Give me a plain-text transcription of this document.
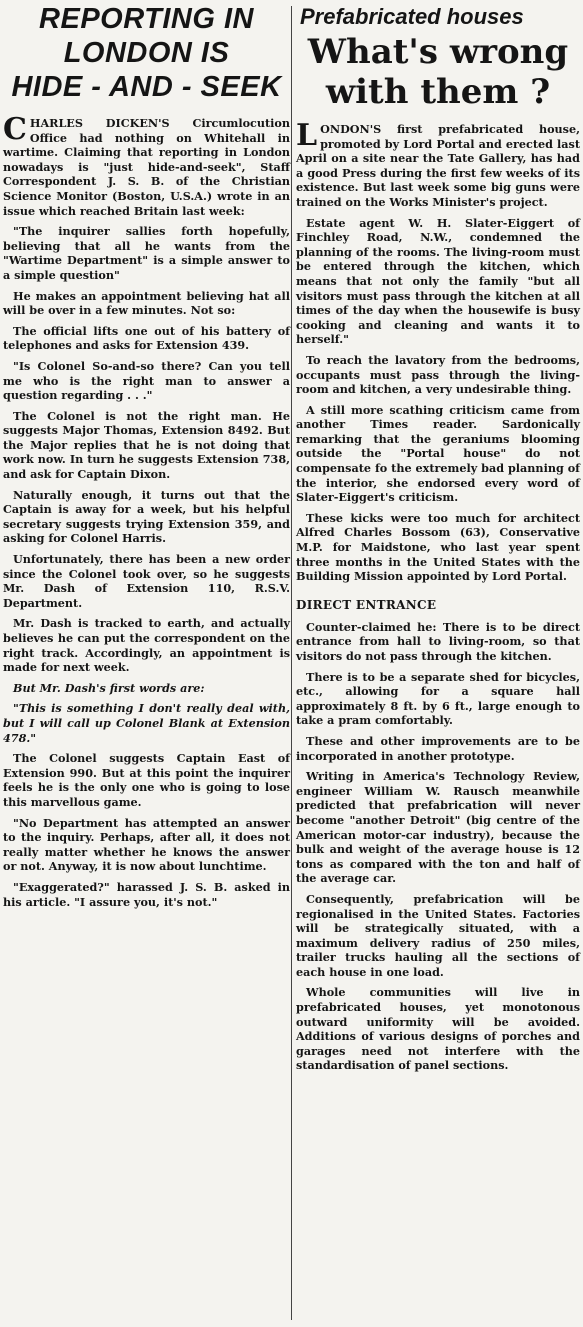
REPORTING IN
LONDON IS
HIDE - AND - SEEK

CHARLES DICKEN'S Circumlocution Office had nothing on Whitehall in wartime. Claiming that reporting in London nowadays is "just hide-and-seek", Staff Correspondent J. S. B. of the Christian Science Monitor (Boston, U.S.A.) wrote in an issue which reached Britain last week:

"The inquirer sallies forth hopefully, believing that all he wants from the "Wartime Department" is a simple answer to a simple question"

He makes an appointment believing hat all will be over in a few minutes. Not so:

The official lifts one out of his battery of telephones and asks for Extension 439.

"Is Colonel So-and-so there? Can you tell me who is the right man to answer a question regarding . . ."

The Colonel is not the right man. He suggests Major Thomas, Extension 8492. But the Major replies that he is not doing that work now. In turn he suggests Extension 738, and ask for Captain Dixon.

Naturally enough, it turns out that the Captain is away for a week, but his helpful secretary suggests trying Extension 359, and asking for Colonel Harris.

Unfortunately, there has been a new order since the Colonel took over, so he suggests Mr. Dash of Extension 110, R.S.V. Department.

Mr. Dash is tracked to earth, and actually believes he can put the correspondent on the right track. Accordingly, an appointment is made for next week.

But Mr. Dash's first words are:

"This is something I don't really deal with, but I will call up Colonel Blank at Extension 478."

The Colonel suggests Captain East of Extension 990. But at this point the inquirer feels he is the only one who is going to lose this marvellous game.

"No Department has attempted an answer to the inquiry. Perhaps, after all, it does not really matter whether he knows the answer or not. Anyway, it is now about lunchtime.

"Exaggerated?" harassed J. S. B. asked in his article. "I assure you, it's not."

Prefabricated houses
What's wrong
with them ?

LONDON'S first prefabricated house, promoted by Lord Portal and erected last April on a site near the Tate Gallery, has had a good Press during the first few weeks of its existence. But last week some big guns were trained on the Works Minister's project.

Estate agent W. H. Slater-Eiggert of Finchley Road, N.W., condemned the planning of the rooms. The living-room must be entered through the kitchen, which means that not only the family "but all visitors must pass through the kitchen at all times of the day when the housewife is busy cooking and cleaning and wants it to herself."

To reach the lavatory from the bedrooms, occupants must pass through the living-room and kitchen, a very undesirable thing.

A still more scathing criticism came from another Times reader. Sardonically remarking that the geraniums blooming outside the "Portal house" do not compensate fo the extremely bad planning of the interior, she endorsed every word of Slater-Eiggert's criticism.

These kicks were too much for architect Alfred Charles Bossom (63), Conservative M.P. for Maidstone, who last year spent three months in the United States with the Building Mission appointed by Lord Portal.

DIRECT ENTRANCE

Counter-claimed he: There is to be direct entrance from hall to living-room, so that visitors do not pass through the kitchen.

There is to be a separate shed for bicycles, etc., allowing for a square hall approximately 8 ft. by 6 ft., large enough to take a pram comfortably.

These and other improvements are to be incorporated in another prototype.

Writing in America's Technology Review, engineer William W. Rausch meanwhile predicted that prefabrication will never become "another Detroit" (big centre of the American motor-car industry), because the bulk and weight of the average house is 12 tons as compared with the ton and half of the average car.

Consequently, prefabrication will be regionalised in the United States. Factories will be strategically situated, with a maximum delivery radius of 250 miles, trailer trucks hauling all the sections of each house in one load.

Whole communities will live in prefabricated houses, yet monotonous outward uniformity will be avoided. Additions of various designs of porches and garages need not interfere with the standardisation of panel sections.
